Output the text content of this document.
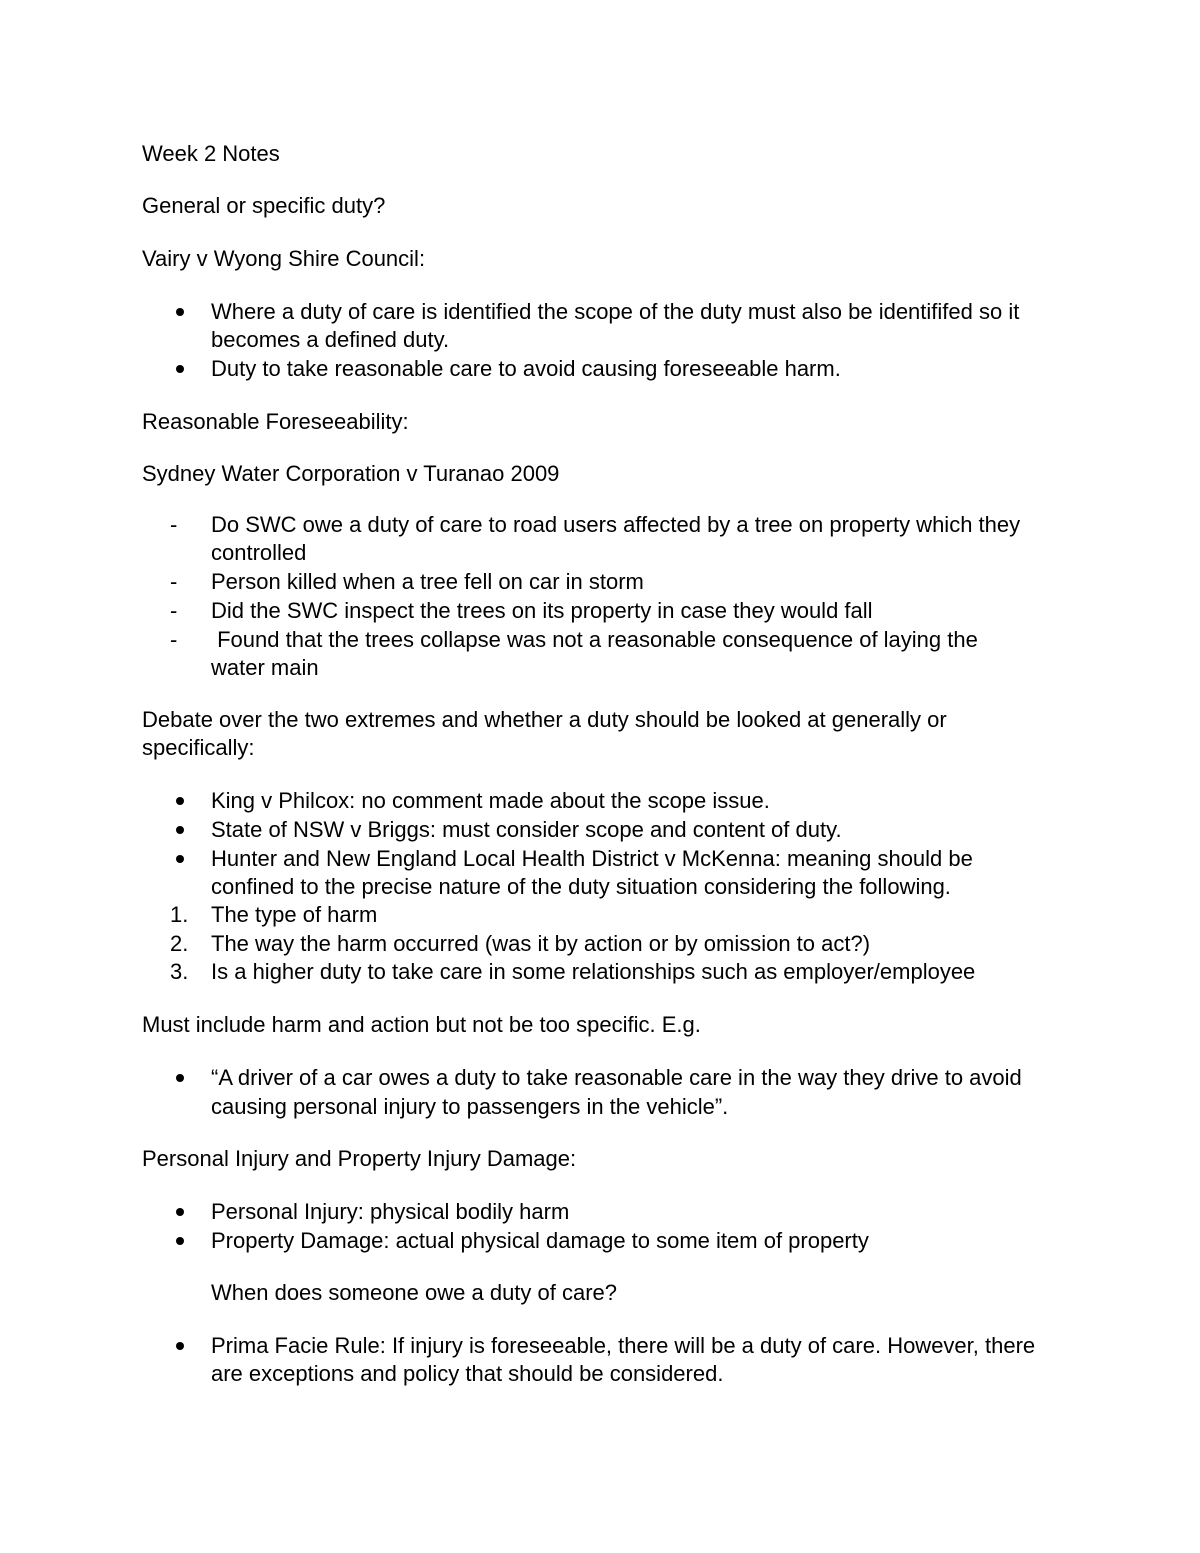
Week 2 Notes
General or specific duty?
Vairy v Wyong Shire Council:
Where a duty of care is identified the scope of the duty must also be identififed so it
becomes a defined duty.
Duty to take reasonable care to avoid causing foreseeable harm.
Reasonable Foreseeability:
Sydney Water Corporation v Turanao 2009
-	Do SWC owe a duty of care to road users affected by a tree on property which they
controlled
-	Person killed when a tree fell on car in storm
-	Did the SWC inspect the trees on its property in case they would fall
-	Found that the trees collapse was not a reasonable consequence of laying the
water main
Debate over the two extremes and whether a duty should be looked at generally or
specifically:
King v Philcox: no comment made about the scope issue.
State of NSW v Briggs: must consider scope and content of duty.
Hunter and New England Local Health District v McKenna: meaning should be
confined to the precise nature of the duty situation considering the following.
1.	The type of harm
2.	The way the harm occurred (was it by action or by omission to act?)
3.	Is a higher duty to take care in some relationships such as employer/employee
Must include harm and action but not be too specific. E.g.
“A driver of a car owes a duty to take reasonable care in the way they drive to avoid
causing personal injury to passengers in the vehicle”.
Personal Injury and Property Injury Damage:
Personal Injury: physical bodily harm
Property Damage: actual physical damage to some item of property
When does someone owe a duty of care?
Prima Facie Rule: If injury is foreseeable, there will be a duty of care. However, there
are exceptions and policy that should be considered.
